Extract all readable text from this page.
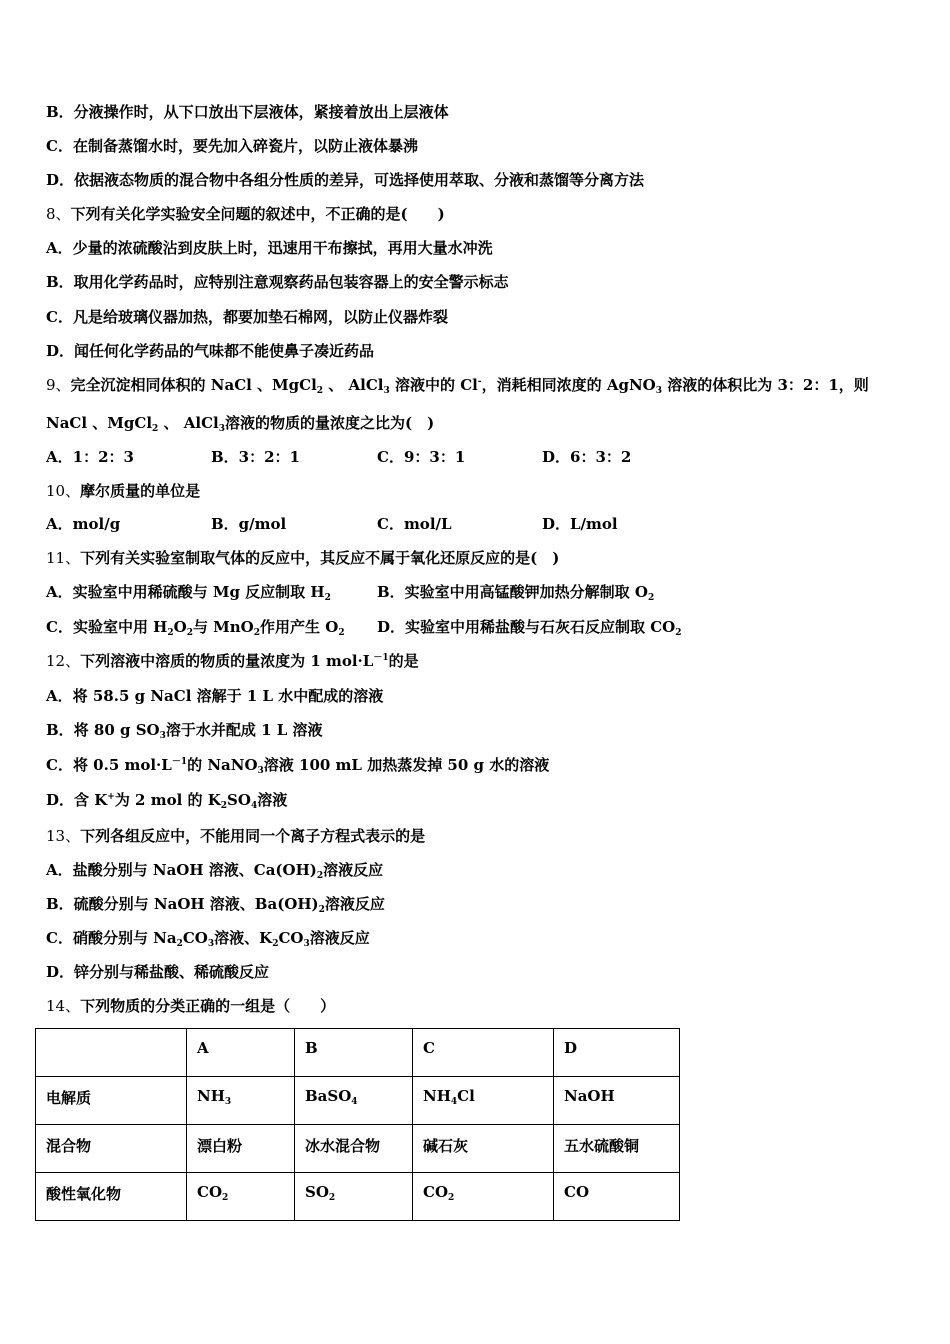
B．分液操作时，从下口放出下层液体，紧接着放出上层液体
C．在制备蒸馏水时，要先加入碎瓷片，以防止液体暴沸
D．依据液态物质的混合物中各组分性质的差异，可选择使用萃取、分液和蒸馏等分离方法
8、下列有关化学实验安全问题的叙述中，不正确的是(　　)
A．少量的浓硫酸沾到皮肤上时，迅速用干布擦拭，再用大量水冲洗
B．取用化学药品时，应特别注意观察药品包装容器上的安全警示标志
C．凡是给玻璃仪器加热，都要加垫石棉网，以防止仪器炸裂
D．闻任何化学药品的气味都不能使鼻子凑近药品
9、完全沉淀相同体积的 NaCl 、MgCl$_2$ 、 AlCl$_3$ 溶液中的 Cl-，消耗相同浓度的 AgNO$_3$ 溶液的体积比为 3：2：1，则
NaCl 、MgCl$_2$ 、 AlCl$_3$溶液的物质的量浓度之比为(　)
A．1：2：3	B．3：2：1	C．9：3：1	D．6：3：2
10、摩尔质量的单位是
A．mol/g	B．g/mol	C．mol/L	D．L/mol
11、下列有关实验室制取气体的反应中，其反应不属于氧化还原反应的是(　)
A．实验室中用稀硫酸与 Mg 反应制取 $H_2$	B．实验室中用高锰酸钾加热分解制取 $O_2$
C．实验室中用 $H_2O_2$与 MnO$_2$作用产生 $O_2$ D．实验室中用稀盐酸与石灰石反应制取 $CO_2$
12、下列溶液中溶质的物质的量浓度为 1 $mol\cdot L^{-1}$的是
A．将 58.5 g NaCl 溶解于 1 L 水中配成的溶液
B．将 80 g $SO_3$溶于水并配成 1 L 溶液
C．将 0.5 $mol\cdot L^{-1}$的 NaNO$_3$溶液 100 mL 加热蒸发掉 50 g 水的溶液
D．含 K+为 2 mol 的 $K_2SO_4$溶液
13、下列各组反应中，不能用同一个离子方程式表示的是
A．盐酸分别与 NaOH 溶液、$Ca(OH)_2$溶液反应
B．硫酸分别与 NaOH 溶液、$Ba(OH)_2$溶液反应
C．硝酸分别与 $Na_2CO_3$溶液、$K_2CO_3$溶液反应
D．锌分别与稀盐酸、稀硫酸反应
14、下列物质的分类正确的一组是（　　）
	A	B	C	D
电解质	$NH_3$	BaSO$_4$	$NH_4Cl$	NaOH
混合物	漂白粉	冰水混合物	碱石灰	五水硫酸铜
酸性氧化物	$CO_2$	$SO_2$	$CO_2$	CO
